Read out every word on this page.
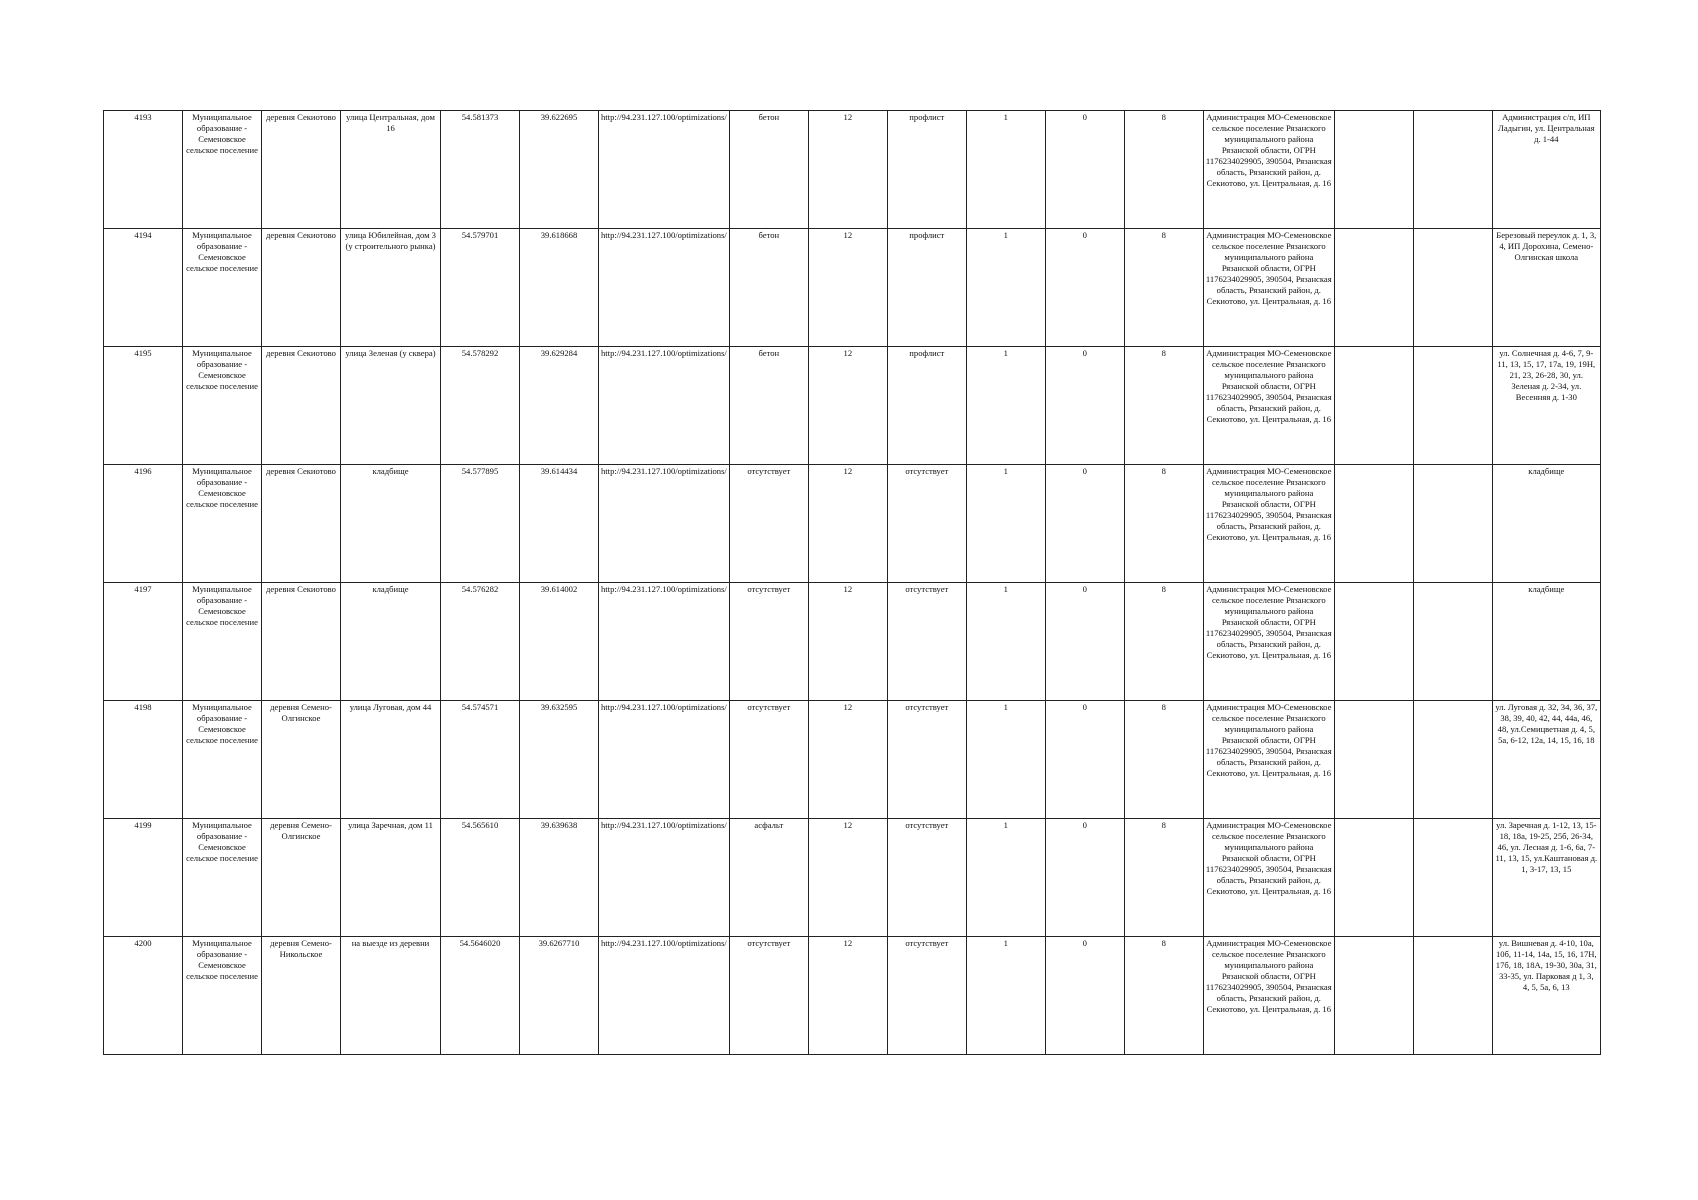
4193	Муниципальное образование - Семеновское сельское поселение	деревня Секиотово	улица Центральная, дом 16	54.581373	39.622695	http://94.231.127.100/optimizations/	бетон	12	профлист	1	0	8	Администрация МО-Семеновское сельское поселение Рязанского муниципального района Рязанской области, ОГРН 1176234029905, 390504, Рязанская область, Рязанский район, д. Секиотово, ул. Центральная, д. 16			Администрация с/п, ИП Ладыгин, ул. Центральная д. 1-44
4194	Муниципальное образование - Семеновское сельское поселение	деревня Секиотово	улица Юбилейная, дом 3 (у строительного рынка)	54.579701	39.618668	http://94.231.127.100/optimizations/	бетон	12	профлист	1	0	8	Администрация МО-Семеновское сельское поселение Рязанского муниципального района Рязанской области, ОГРН 1176234029905, 390504, Рязанская область, Рязанский район, д. Секиотово, ул. Центральная, д. 16			Березовый переулок д. 1, 3, 4, ИП Дорохина, Семено-Олгинская школа
4195	Муниципальное образование - Семеновское сельское поселение	деревня Секиотово	улица Зеленая (у сквера)	54.578292	39.629284	http://94.231.127.100/optimizations/	бетон	12	профлист	1	0	8	Администрация МО-Семеновское сельское поселение Рязанского муниципального района Рязанской области, ОГРН 1176234029905, 390504, Рязанская область, Рязанский район, д. Секиотово, ул. Центральная, д. 16			ул. Солнечная д. 4-6, 7, 9-11, 13, 15, 17, 17а, 19, 19Н, 21, 23, 26-28, 30, ул. Зеленая д. 2-34, ул. Весенняя д. 1-30
4196	Муниципальное образование - Семеновское сельское поселение	деревня Секиотово	кладбище	54.577895	39.614434	http://94.231.127.100/optimizations/	отсутствует	12	отсутствует	1	0	8	Администрация МО-Семеновское сельское поселение Рязанского муниципального района Рязанской области, ОГРН 1176234029905, 390504, Рязанская область, Рязанский район, д. Секиотово, ул. Центральная, д. 16			кладбище
4197	Муниципальное образование - Семеновское сельское поселение	деревня Секиотово	кладбище	54.576282	39.614002	http://94.231.127.100/optimizations/	отсутствует	12	отсутствует	1	0	8	Администрация МО-Семеновское сельское поселение Рязанского муниципального района Рязанской области, ОГРН 1176234029905, 390504, Рязанская область, Рязанский район, д. Секиотово, ул. Центральная, д. 16			кладбище
4198	Муниципальное образование - Семеновское сельское поселение	деревня Семено-Олгинское	улица Луговая, дом 44	54.574571	39.632595	http://94.231.127.100/optimizations/	отсутствует	12	отсутствует	1	0	8	Администрация МО-Семеновское сельское поселение Рязанского муниципального района Рязанской области, ОГРН 1176234029905, 390504, Рязанская область, Рязанский район, д. Секиотово, ул. Центральная, д. 16			ул. Луговая д. 32, 34, 36, 37, 38, 39, 40, 42, 44, 44а, 46, 48, ул.Семицветная д. 4, 5, 5а, 6-12, 12а, 14, 15, 16, 18
4199	Муниципальное образование - Семеновское сельское поселение	деревня Семено-Олгинское	улица Заречная, дом 11	54.565610	39.639638	http://94.231.127.100/optimizations/	асфальт	12	отсутствует	1	0	8	Администрация МО-Семеновское сельское поселение Рязанского муниципального района Рязанской области, ОГРН 1176234029905, 390504, Рязанская область, Рязанский район, д. Секиотово, ул. Центральная, д. 16			ул. Заречная д. 1-12, 13, 15-18, 18а, 19-25, 25б, 26-34, 46, ул. Лесная д. 1-6, 6а, 7-11, 13, 15, ул.Каштановая д. 1, 3-17, 13, 15
4200	Муниципальное образование - Семеновское сельское поселение	деревня Семено-Никольское	на выезде из деревни	54.5646020	39.6267710	http://94.231.127.100/optimizations/	отсутствует	12	отсутствует	1	0	8	Администрация МО-Семеновское сельское поселение Рязанского муниципального района Рязанской области, ОГРН 1176234029905, 390504, Рязанская область, Рязанский район, д. Секиотово, ул. Центральная, д. 16			ул. Вишневая д. 4-10, 10а, 10б, 11-14, 14а, 15, 16, 17Н, 17б, 18, 18А, 19-30, 30а, 31, 33-35, ул. Парковая д 1, 3, 4, 5, 5а, 6, 13
